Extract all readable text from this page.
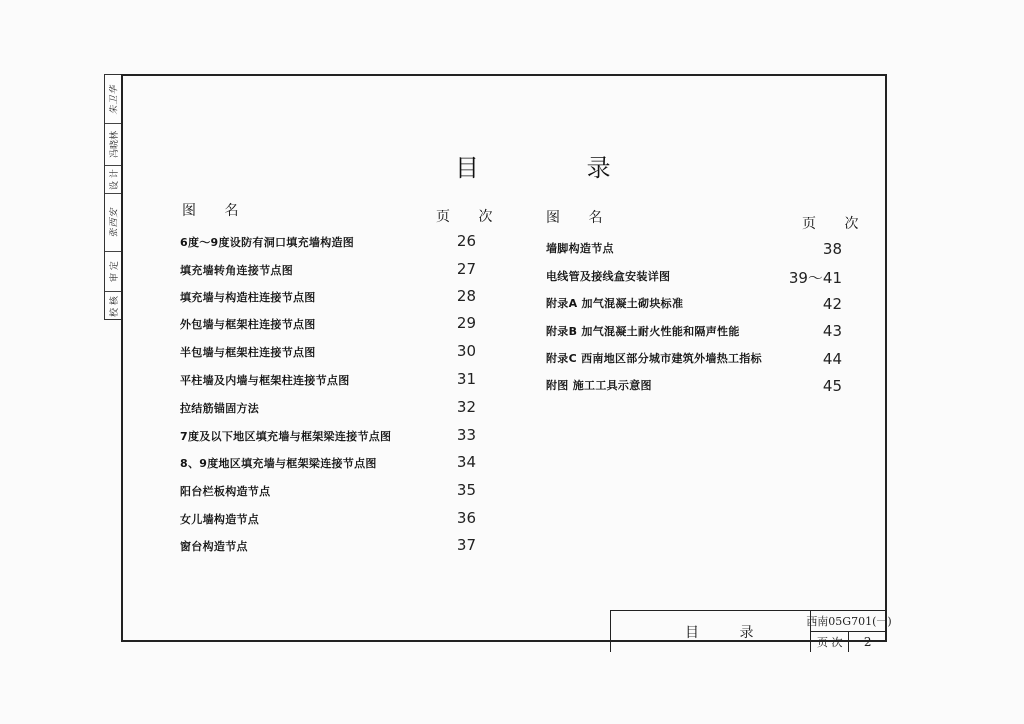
朱卫华
冯晓林
设 计
张西安
审 定
校 核
目 录
图 名	页 次	图 名	页 次
6度～9度设防有洞口填充墙构造图	26
填充墙转角连接节点图	27
填充墙与构造柱连接节点图	28
外包墙与框架柱连接节点图	29
半包墙与框架柱连接节点图	30
平柱墙及内墙与框架柱连接节点图	31
拉结筋锚固方法	32
7度及以下地区填充墙与框架梁连接节点图	33
8、9度地区填充墙与框架梁连接节点图	34
阳台栏板构造节点	35
女儿墙构造节点	36
窗台构造节点	37
墙脚构造节点	38
电线管及接线盒安装详图	39～41
附录A 加气混凝土砌块标准	42
附录B 加气混凝土耐火性能和隔声性能	43
附录C 西南地区部分城市建筑外墙热工指标	44
附图 施工工具示意图	45
目 录
西南05G701(一)
页 次 2
